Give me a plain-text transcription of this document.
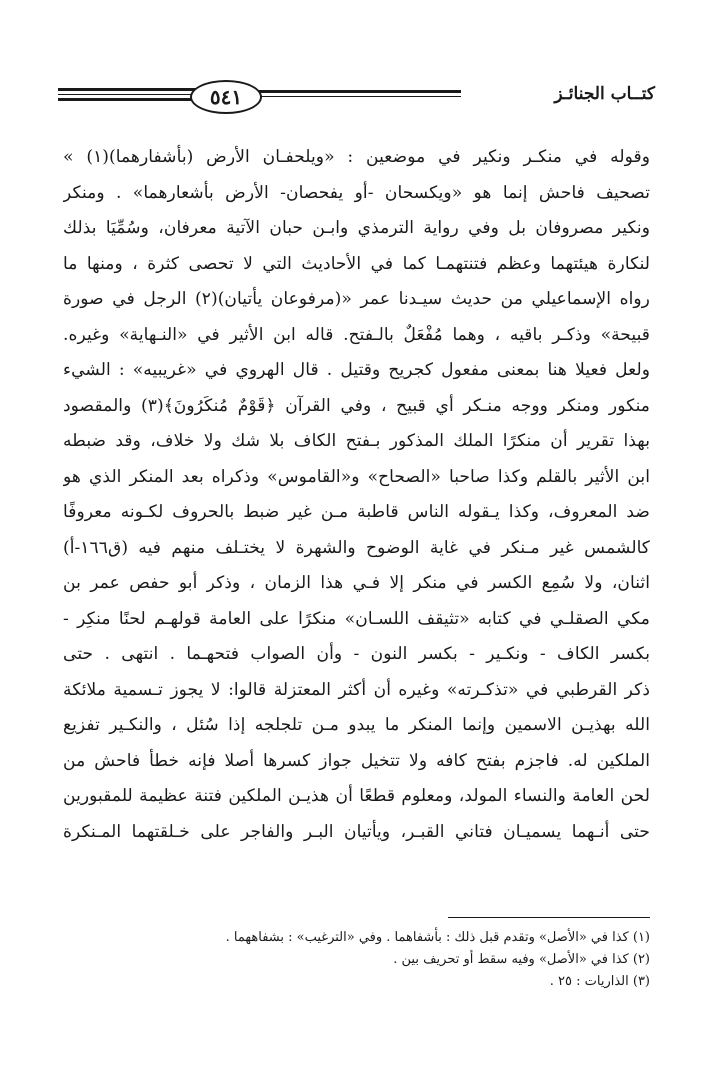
٥٤١	كتــاب الجنائـز
وقوله في منكـر ونكير في موضعين : «ويلحفـان الأرض (بأشفارهما)(١) »
تصحيف فاحش إنما هو «ويكسحان -أو يفحصان- الأرض بأشعارهما» . ومنكر
ونكير مصروفان بل وفي رواية الترمذي وابـن حبان الآتية معرفان، وسُمِّيَا بذلك
لنكارة هيئتهما وعظم فتنتهمـا كما في الأحاديث التي لا تحصى كثرة ، ومنها ما
رواه الإسماعيلي من حديث سيـدنا عمر «(مرفوعان يأتيان)(٢) الرجل في صورة
قبيحة» وذكـر باقيه ، وهما مُفْعَلٌ بالـفتح. قاله ابن الأثير في «النـهاية» وغيره.
ولعل فعيلا هنا بمعنى مفعول كجريح وقتيل . قال الهروي في «غريبيه» : الشيء
منكور ومنكر ووجه منـكر أي قبيح ، وفي القرآن ﴿قَوْمٌ مُنكَرُونَ﴾(٣) والمقصود
بهذا تقرير أن منكرًا الملك المذكور بـفتح الكاف بلا شك ولا خلاف، وقد ضبطه
ابن الأثير بالقلم وكذا صاحبا «الصحاح» و«القاموس» وذكراه بعد المنكر الذي هو
ضد المعروف، وكذا يـقوله الناس قاطبة مـن غير ضبط بالحروف لكـونه معروفًا
كالشمس غير مـنكر في غاية الوضوح والشهرة لا يختـلف منهم فيه (ق١٦٦-أ)
اثنان، ولا سُمِع الكسر في منكر إلا فـي هذا الزمان ، وذكر أبو حفص عمر بن
مكي الصقلـي في كتابه «تثيقف اللسـان» منكرًا على العامة قولهـم لحنًا منكِر -
بكسر الكاف - ونكـير - بكسر النون - وأن الصواب فتحهـما . انتهى . حتى
ذكر القرطبي في «تذكـرته» وغيره أن أكثر المعتزلة قالوا: لا يجوز تـسمية ملائكة
الله بهذيـن الاسمين وإنما المنكر ما يبدو مـن تلجلجه إذا سُئل ، والنكـير تفزيع
الملكين له. فاجزم بفتح كافه ولا تتخيل جواز كسرها أصلا فإنه خطأ فاحش من
لحن العامة والنساء المولد، ومعلوم قطعًا أن هذيـن الملكين فتنة عظيمة للمقبورين
حتى أنـهما يسميـان فتاني القبـر، ويأتيان البـر والفاجر على خـلقتهما المـنكرة
(١) كذا في «الأصل» وتقدم قبل ذلك : بأشفاهما . وفي «الترغيب» : بشفاههما .
(٢) كذا في «الأصل» وفيه سقط أو تحريف بين .
(٣) الذاريات : ٢٥ .
